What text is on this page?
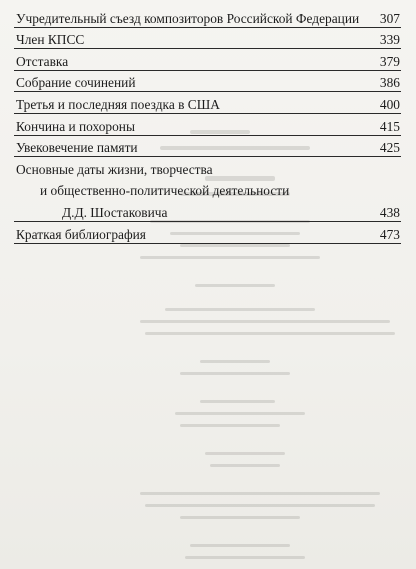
Учредительный съезд композиторов Российской Федерации 307
Член КПСС	339
Отставка	379
Собрание сочинений	386
Третья и последняя поездка в США	400
Кончина и похороны	415
Увековечение памяти	425
Основные даты жизни, творчества
и общественно-политической деятельности
Д.Д. Шостаковича	438
Краткая библиография	473
